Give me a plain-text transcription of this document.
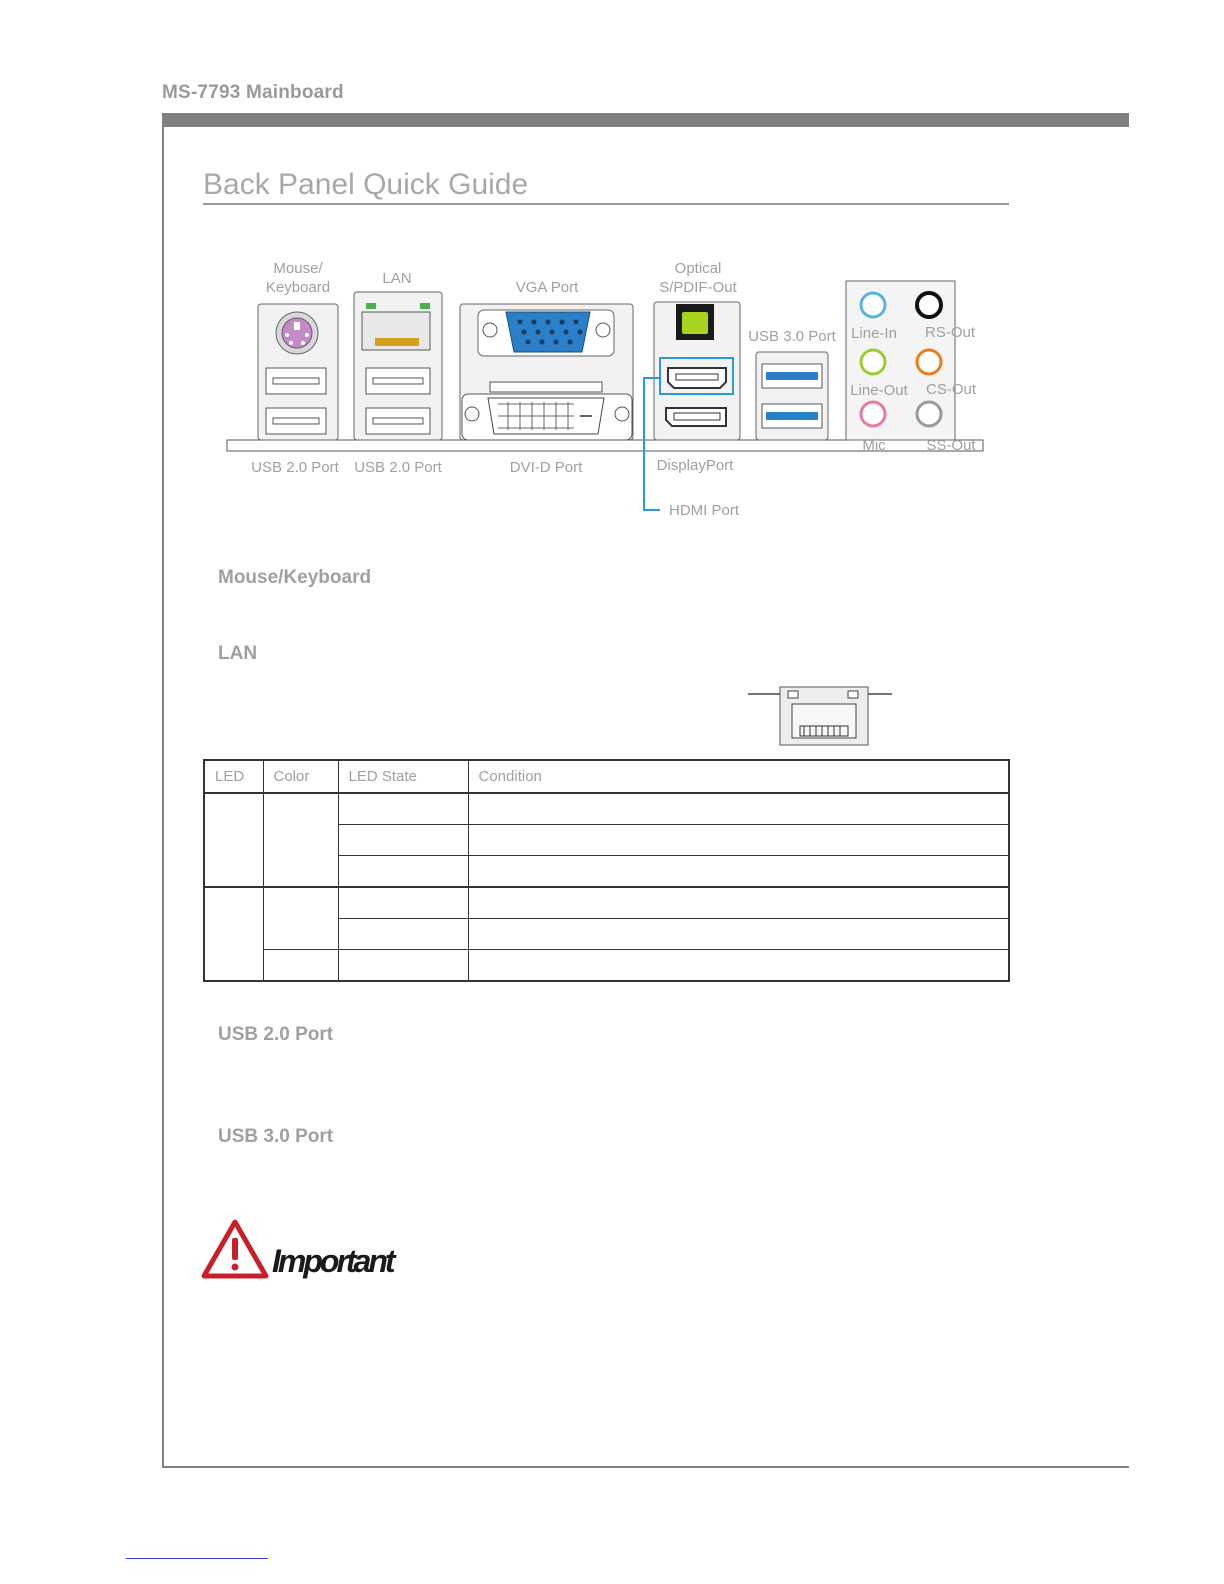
MS-7793 Mainboard
Back Panel Quick Guide
Mouse/
Keyboard
LAN
VGA Port
Optical
S/PDIF-Out
USB 3.0 Port	Line-In	RS-Out
Line-Out	CS-Out
Mic	SS-Out
USB 2.0 Port	USB 2.0 Port	DVI-D Port	DisplayPort
HDMI Port
Mouse/Keyboard
LAN
LED	Color	LED State	Condition

USB 2.0 Port
USB 3.0 Port
Important
